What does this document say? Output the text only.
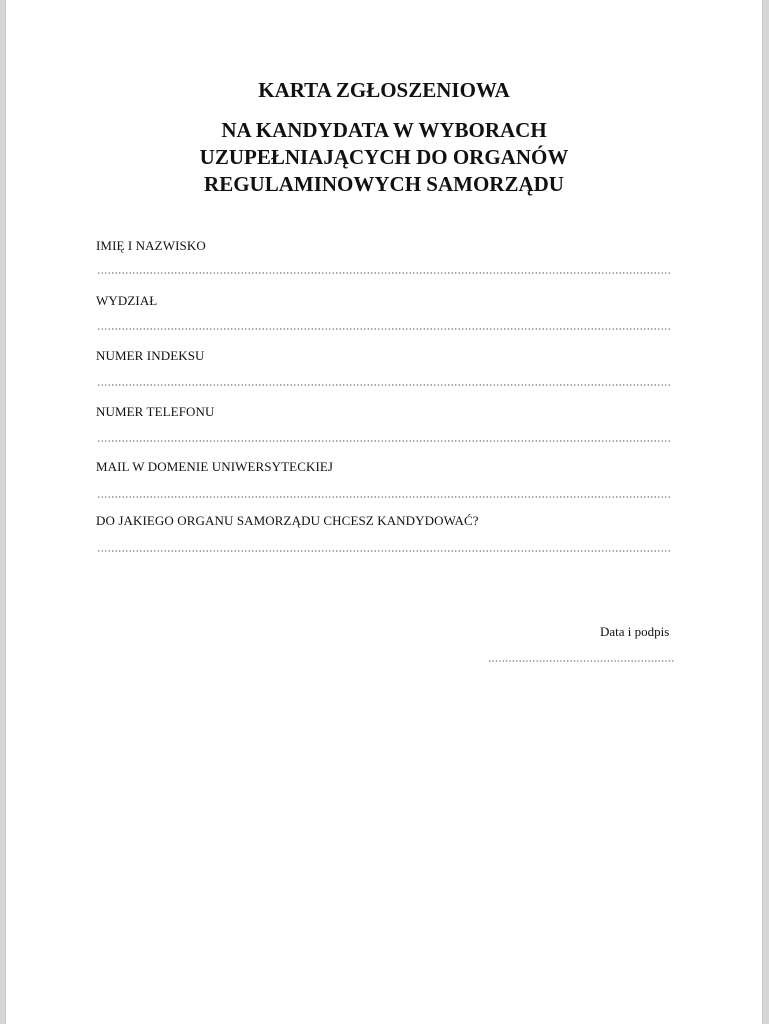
KARTA ZGŁOSZENIOWA
NA KANDYDATA W WYBORACH
UZUPEŁNIAJĄCYCH DO ORGANÓW
REGULAMINOWYCH SAMORZĄDU
IMIĘ I NAZWISKO
WYDZIAŁ
NUMER INDEKSU
NUMER TELEFONU
MAIL W DOMENIE UNIWERSYTECKIEJ
DO JAKIEGO ORGANU SAMORZĄDU CHCESZ KANDYDOWAĆ?
Data i podpis
